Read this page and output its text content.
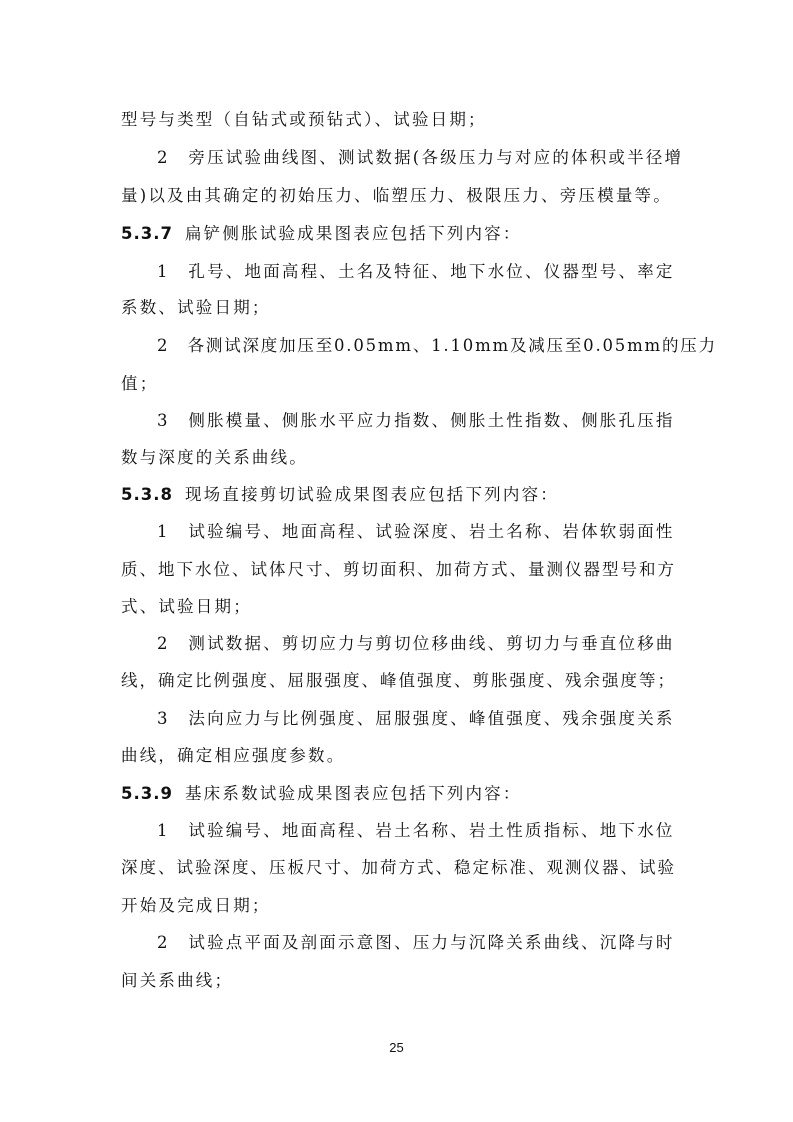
型号与类型（自钻式或预钻式）、试验日期；
2　旁压试验曲线图、测试数据(各级压力与对应的体积或半径增
量)以及由其确定的初始压力、临塑压力、极限压力、旁压模量等。
5.3.7 扁铲侧胀试验成果图表应包括下列内容：
1　孔号、地面高程、土名及特征、地下水位、仪器型号、率定
系数、试验日期；
2　各测试深度加压至0.05mm、1.10mm及减压至0.05mm的压力
值；
3　侧胀模量、侧胀水平应力指数、侧胀土性指数、侧胀孔压指
数与深度的关系曲线。
5.3.8 现场直接剪切试验成果图表应包括下列内容：
1　试验编号、地面高程、试验深度、岩土名称、岩体软弱面性
质、地下水位、试体尺寸、剪切面积、加荷方式、量测仪器型号和方
式、试验日期；
2　测试数据、剪切应力与剪切位移曲线、剪切力与垂直位移曲
线，确定比例强度、屈服强度、峰值强度、剪胀强度、残余强度等；
3　法向应力与比例强度、屈服强度、峰值强度、残余强度关系
曲线，确定相应强度参数。
5.3.9 基床系数试验成果图表应包括下列内容：
1　试验编号、地面高程、岩土名称、岩土性质指标、地下水位
深度、试验深度、压板尺寸、加荷方式、稳定标准、观测仪器、试验
开始及完成日期；
2　试验点平面及剖面示意图、压力与沉降关系曲线、沉降与时
间关系曲线；
25
